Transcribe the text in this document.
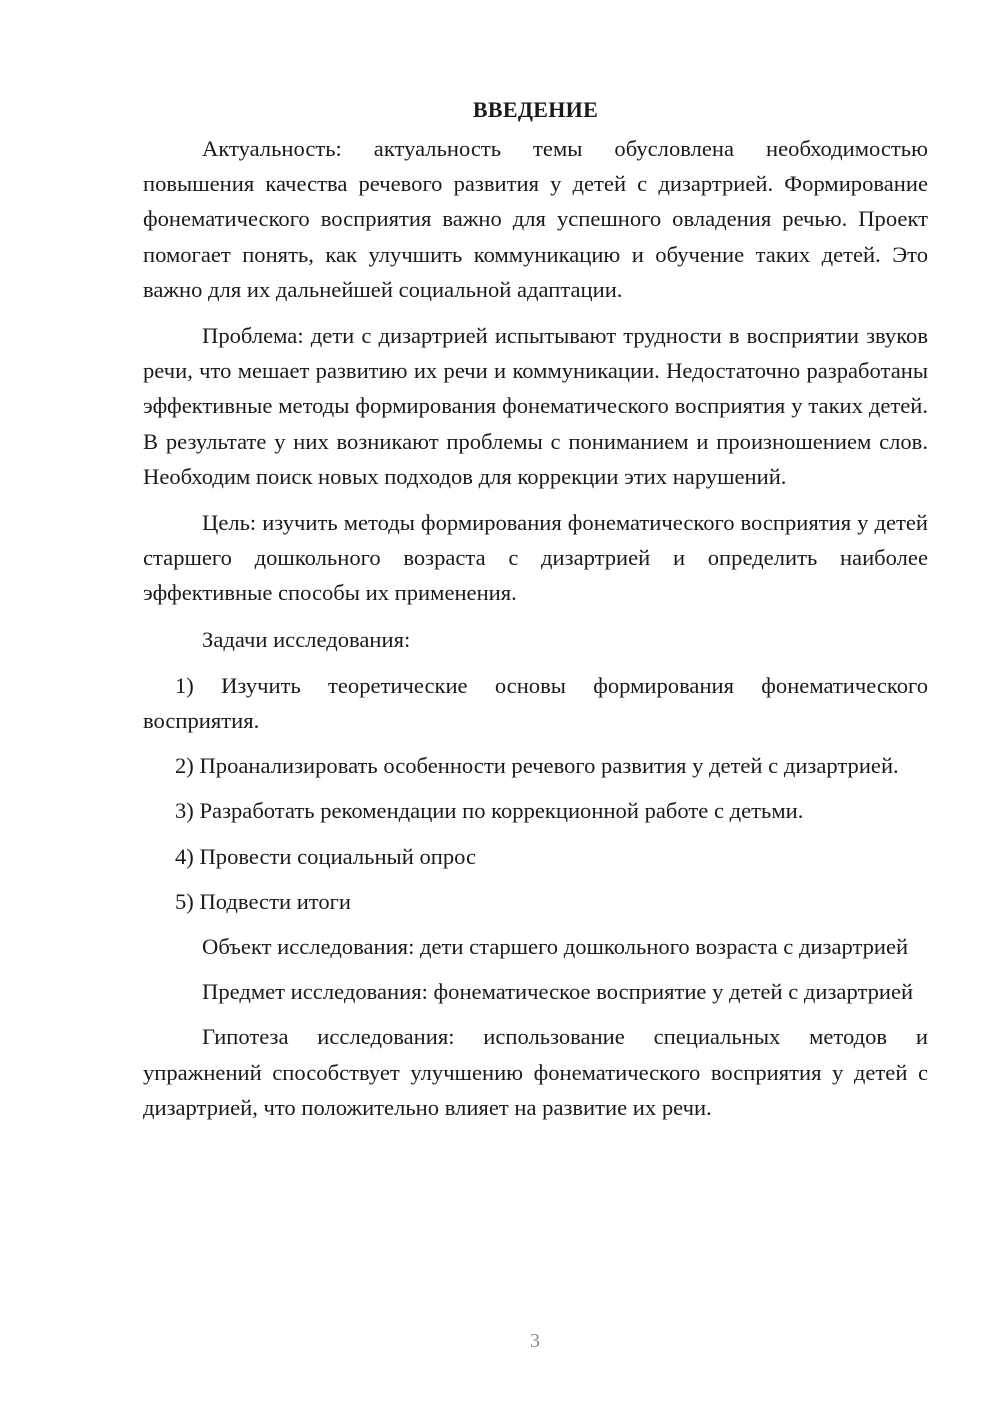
ВВЕДЕНИЕ

Актуальность: актуальность темы обусловлена необходимостью повышения качества речевого развития у детей с дизартрией. Формирование фонематического восприятия важно для успешного овладения речью. Проект помогает понять, как улучшить коммуникацию и обучение таких детей. Это важно для их дальнейшей социальной адаптации.

Проблема: дети с дизартрией испытывают трудности в восприятии звуков речи, что мешает развитию их речи и коммуникации. Недостаточно разработаны эффективные методы формирования фонематического восприятия у таких детей. В результате у них возникают проблемы с пониманием и произношением слов. Необходим поиск новых подходов для коррекции этих нарушений.

Цель: изучить методы формирования фонематического восприятия у детей старшего дошкольного возраста с дизартрией и определить наиболее эффективные способы их применения.

Задачи исследования:

1) Изучить теоретические основы формирования фонематического восприятия.

2) Проанализировать особенности речевого развития у детей с дизартрией.

3) Разработать рекомендации по коррекционной работе с детьми.

4) Провести социальный опрос

5) Подвести итоги

Объект исследования: дети старшего дошкольного возраста с дизартрией

Предмет исследования: фонематическое восприятие у детей с дизартрией

Гипотеза исследования: использование специальных методов и упражнений способствует улучшению фонематического восприятия у детей с дизартрией, что положительно влияет на развитие их речи.

3
